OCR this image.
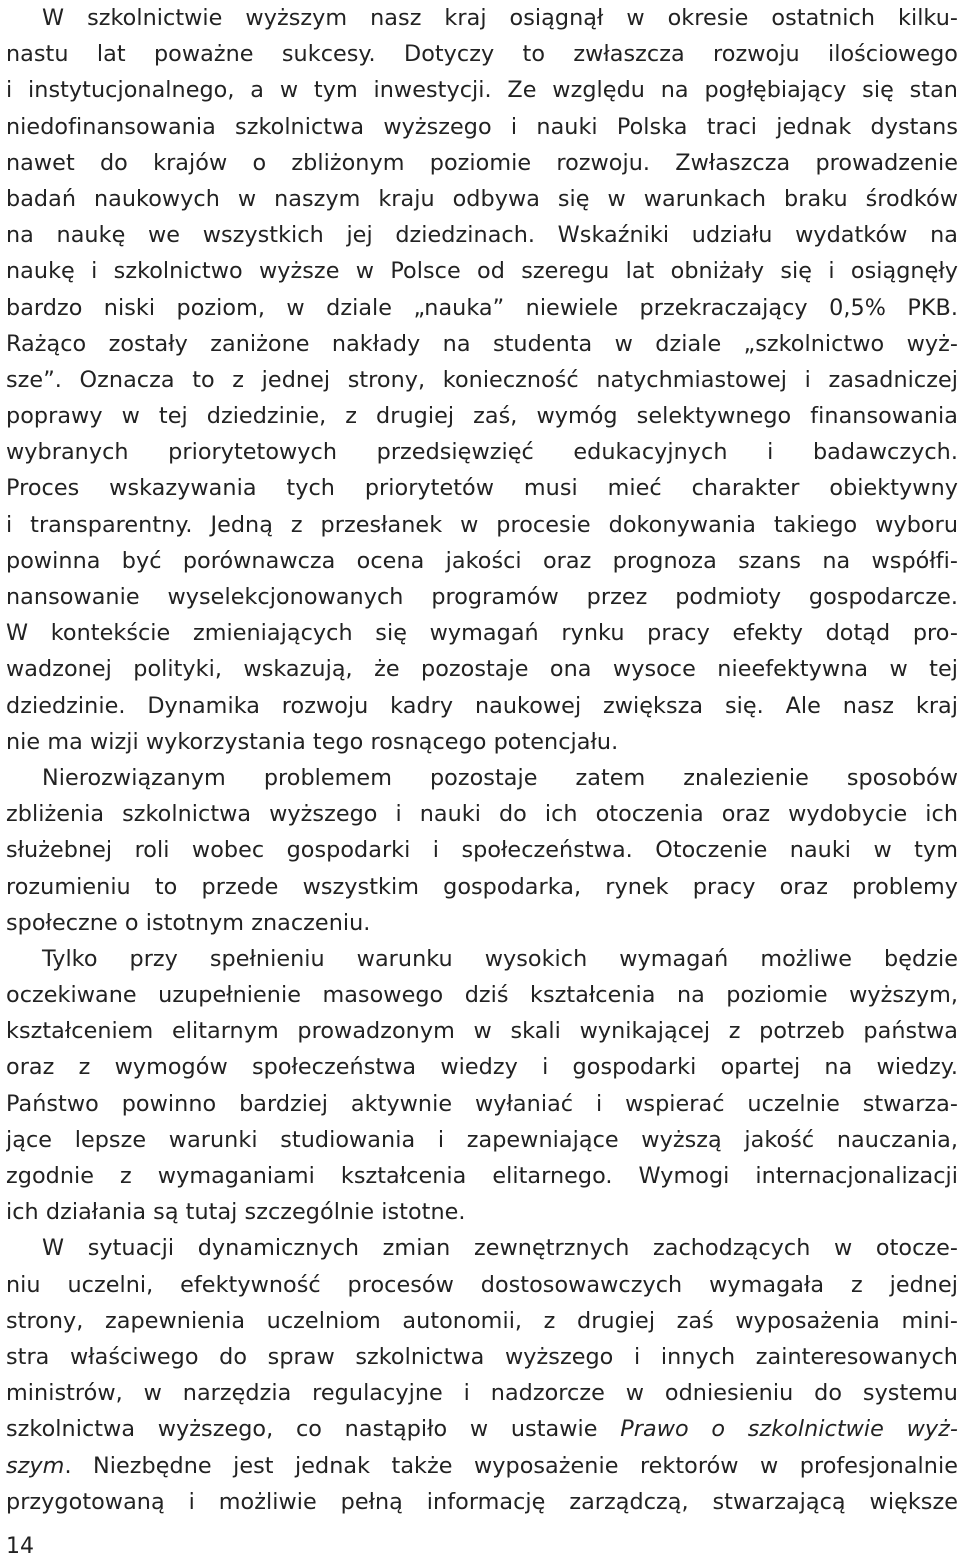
W szkolnictwie wyższym nasz kraj osiągnął w okresie ostatnich kilku-
nastu lat poważne sukcesy. Dotyczy to zwłaszcza rozwoju ilościowego
i instytucjonalnego, a w tym inwestycji. Ze względu na pogłębiający się stan
niedofinansowania szkolnictwa wyższego i nauki Polska traci jednak dystans
nawet do krajów o zbliżonym poziomie rozwoju. Zwłaszcza prowadzenie
badań naukowych w naszym kraju odbywa się w warunkach braku środków
na naukę we wszystkich jej dziedzinach. Wskaźniki udziału wydatków na
naukę i szkolnictwo wyższe w Polsce od szeregu lat obniżały się i osiągnęły
bardzo niski poziom, w dziale „nauka” niewiele przekraczający 0,5% PKB.
Rażąco zostały zaniżone nakłady na studenta w dziale „szkolnictwo wyż-
sze”. Oznacza to z jednej strony, konieczność natychmiastowej i zasadniczej
poprawy w tej dziedzinie, z drugiej zaś, wymóg selektywnego finansowania
wybranych priorytetowych przedsięwzięć edukacyjnych i badawczych.
Proces wskazywania tych priorytetów musi mieć charakter obiektywny
i transparentny. Jedną z przesłanek w procesie dokonywania takiego wyboru
powinna być porównawcza ocena jakości oraz prognoza szans na współfi-
nansowanie wyselekcjonowanych programów przez podmioty gospodarcze.
W kontekście zmieniających się wymagań rynku pracy efekty dotąd pro-
wadzonej polityki, wskazują, że pozostaje ona wysoce nieefektywna w tej
dziedzinie. Dynamika rozwoju kadry naukowej zwiększa się. Ale nasz kraj
nie ma wizji wykorzystania tego rosnącego potencjału.
Nierozwiązanym problemem pozostaje zatem znalezienie sposobów
zbliżenia szkolnictwa wyższego i nauki do ich otoczenia oraz wydobycie ich
służebnej roli wobec gospodarki i społeczeństwa. Otoczenie nauki w tym
rozumieniu to przede wszystkim gospodarka, rynek pracy oraz problemy
społeczne o istotnym znaczeniu.
Tylko przy spełnieniu warunku wysokich wymagań możliwe będzie
oczekiwane uzupełnienie masowego dziś kształcenia na poziomie wyższym,
kształceniem elitarnym prowadzonym w skali wynikającej z potrzeb państwa
oraz z wymogów społeczeństwa wiedzy i gospodarki opartej na wiedzy.
Państwo powinno bardziej aktywnie wyłaniać i wspierać uczelnie stwarza-
jące lepsze warunki studiowania i zapewniające wyższą jakość nauczania,
zgodnie z wymaganiami kształcenia elitarnego. Wymogi internacjonalizacji
ich działania są tutaj szczególnie istotne.
W sytuacji dynamicznych zmian zewnętrznych zachodzących w otocze-
niu uczelni, efektywność procesów dostosowawczych wymagała z jednej
strony, zapewnienia uczelniom autonomii, z drugiej zaś wyposażenia mini-
stra właściwego do spraw szkolnictwa wyższego i innych zainteresowanych
ministrów, w narzędzia regulacyjne i nadzorcze w odniesieniu do systemu
szkolnictwa wyższego, co nastąpiło w ustawie Prawo o szkolnictwie wyż-
szym. Niezbędne jest jednak także wyposażenie rektorów w profesjonalnie
przygotowaną i możliwie pełną informację zarządczą, stwarzającą większe
14
